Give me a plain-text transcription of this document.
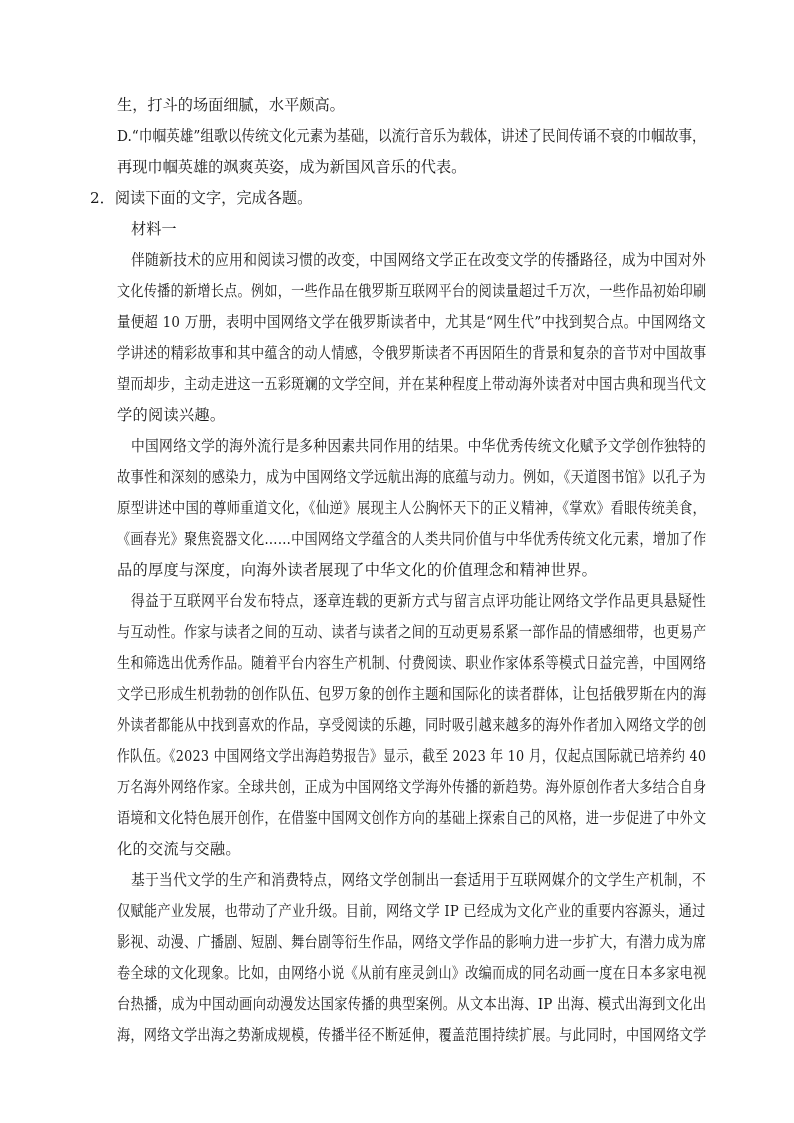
生，打斗的场面细腻，水平颇高。
D.“巾帼英雄”组歌以传统文化元素为基础，以流行音乐为载体，讲述了民间传诵不衰的巾帼故事，
再现巾帼英雄的飒爽英姿，成为新国风音乐的代表。
2．阅读下面的文字，完成各题。
材料一
伴随新技术的应用和阅读习惯的改变，中国网络文学正在改变文学的传播路径，成为中国对外
文化传播的新增长点。例如，一些作品在俄罗斯互联网平台的阅读量超过千万次，一些作品初始印刷
量便超 10 万册，表明中国网络文学在俄罗斯读者中，尤其是“网生代”中找到契合点。中国网络文
学讲述的精彩故事和其中蕴含的动人情感，令俄罗斯读者不再因陌生的背景和复杂的音节对中国故事
望而却步，主动走进这一五彩斑斓的文学空间，并在某种程度上带动海外读者对中国古典和现当代文
学的阅读兴趣。
中国网络文学的海外流行是多种因素共同作用的结果。中华优秀传统文化赋予文学创作独特的
故事性和深刻的感染力，成为中国网络文学远航出海的底蕴与动力。例如，《天道图书馆》以孔子为
原型讲述中国的尊师重道文化，《仙逆》展现主人公胸怀天下的正义精神，《掌欢》看眼传统美食，
《画春光》聚焦瓷器文化……中国网络文学蕴含的人类共同价值与中华优秀传统文化元素，增加了作
品的厚度与深度，向海外读者展现了中华文化的价值理念和精神世界。
得益于互联网平台发布特点，逐章连载的更新方式与留言点评功能让网络文学作品更具悬疑性
与互动性。作家与读者之间的互动、读者与读者之间的互动更易系紧一部作品的情感细带，也更易产
生和筛选出优秀作品。随着平台内容生产机制、付费阅读、职业作家体系等模式日益完善，中国网络
文学已形成生机勃勃的创作队伍、包罗万象的创作主题和国际化的读者群体，让包括俄罗斯在内的海
外读者都能从中找到喜欢的作品，享受阅读的乐趣，同时吸引越来越多的海外作者加入网络文学的创
作队伍。《2023 中国网络文学出海趋势报告》显示，截至 2023 年 10 月，仅起点国际就已培养约 40
万名海外网络作家。全球共创，正成为中国网络文学海外传播的新趋势。海外原创作者大多结合自身
语境和文化特色展开创作，在借鉴中国网文创作方向的基础上探索自己的风格，进一步促进了中外文
化的交流与交融。
基于当代文学的生产和消费特点，网络文学创制出一套适用于互联网媒介的文学生产机制，不
仅赋能产业发展，也带动了产业升级。目前，网络文学 IP 已经成为文化产业的重要内容源头，通过
影视、动漫、广播剧、短剧、舞台剧等衍生作品，网络文学作品的影响力进一步扩大，有潜力成为席
卷全球的文化现象。比如，由网络小说《从前有座灵剑山》改编而成的同名动画一度在日本多家电视
台热播，成为中国动画向动漫发达国家传播的典型案例。从文本出海、IP 出海、模式出海到文化出
海，网络文学出海之势渐成规模，传播半径不断延伸，覆盖范围持续扩展。与此同时，中国网络文学
